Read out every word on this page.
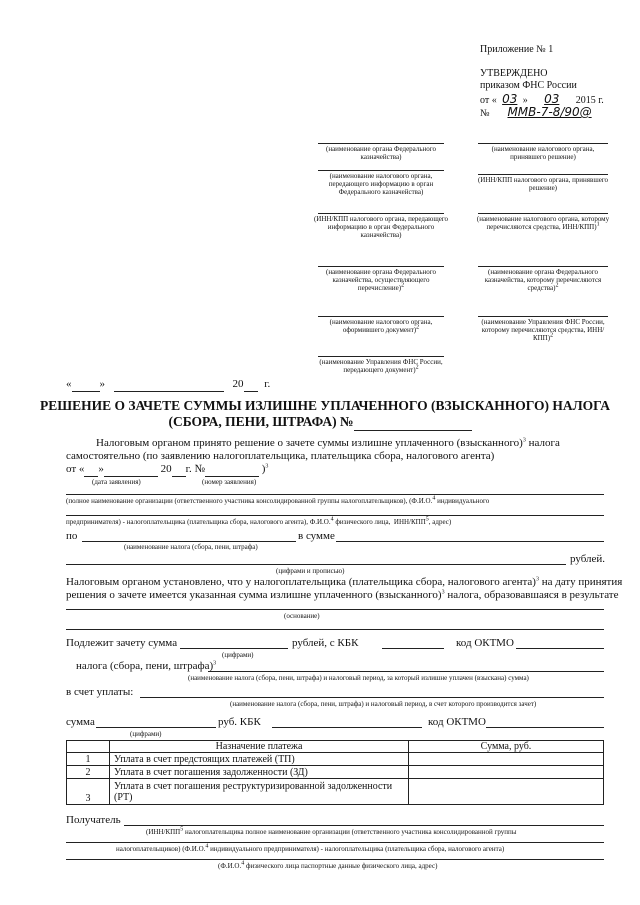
Приложение № 1
УТВЕРЖДЕНО
приказом ФНС России
от « 03 » 03 2015 г.
№ ММВ-7-8/90@
(наименование органа Федерального казначейства)
(наименование налогового органа, передающего информацию в орган Федерального казначейства)
(ИНН/КПП налогового органа, передающего информацию в орган Федерального казначейства)
(наименование органа Федерального казначейства, осуществляющего перечисление)$^2$
(наименование налогового органа, оформившего документ)$^2$
(наименование Управления ФНС России, передающего документ)$^2$
(наименование налогового органа, принявшего решение)
(ИНН/КПП налогового органа, принявшего решение)
(наименование налогового органа, которому перечисляются средства, ИНН/КПП)$^1$
(наименование органа Федерального казначейства, которому перечисляются средства)$^2$
(наименование Управления ФНС России, которому перечисляются средства, ИНН/КПП)$^2$
«	»	20 г.
РЕШЕНИЕ О ЗАЧЕТЕ СУММЫ ИЗЛИШНЕ УПЛАЧЕННОГО (ВЗЫСКАННОГО) НАЛОГА
(СБОРА, ПЕНИ, ШТРАФА) №
Налоговым органом принято решение о зачете суммы излишне уплаченного (взысканного)$^3$ налога
самостоятельно (по заявлению налогоплательщика, плательщика сбора, налогового агента)
от « »	20 г. №	)$^3$
(дата заявления)	(номер заявления)
(полное наименование организации (ответственного участника консолидированной группы налогоплательщиков), (Ф.И.О.$^4$ индивидуального
предпринимателя) - налогоплательщика (плательщика сбора, налогового агента), Ф.И.О.$^4$ физического лица, ИНН/КПП$^5$, адрес)
по	в сумме
(наименование налога (сбора, пени, штрафа)
рублей.
(цифрами и прописью)
Налоговым органом установлено, что у налогоплательщика (плательщика сбора, налогового агента)$^3$ на дату принятия
решения о зачете имеется указанная сумма излишне уплаченного (взысканного)$^3$ налога, образовавшаяся в результате
(основание)
Подлежит зачету сумма	рублей, с КБК	код ОКТМО
(цифрами)
налога (сбора, пени, штрафа)$^3$
(наименование налога (сбора, пени, штрафа) и налоговый период, за который излишне уплачен (взыскана) сумма)
в счет уплаты:
(наименование налога (сбора, пени, штрафа) и налоговый период, в счет которого производится зачет)
сумма	руб. КБК	код ОКТМО
(цифрами)
	Назначение платежа	Сумма, руб.
1	Уплата в счет предстоящих платежей (ТП)	
2	Уплата в счет погашения задолженности (ЗД)	
3	Уплата в счет погашения реструктуризированной задолженности
(РТ)	

Получатель
(ИНН/КПП$^5$ налогоплательщика полное наименование организации (ответственного участника консолидированной группы
налогоплательщиков) (Ф.И.О.$^4$ индивидуального предпринимателя) - налогоплательщика (плательщика сбора, налогового агента)
(Ф.И.О.$^4$ физического лица паспортные данные физического лица, адрес)
